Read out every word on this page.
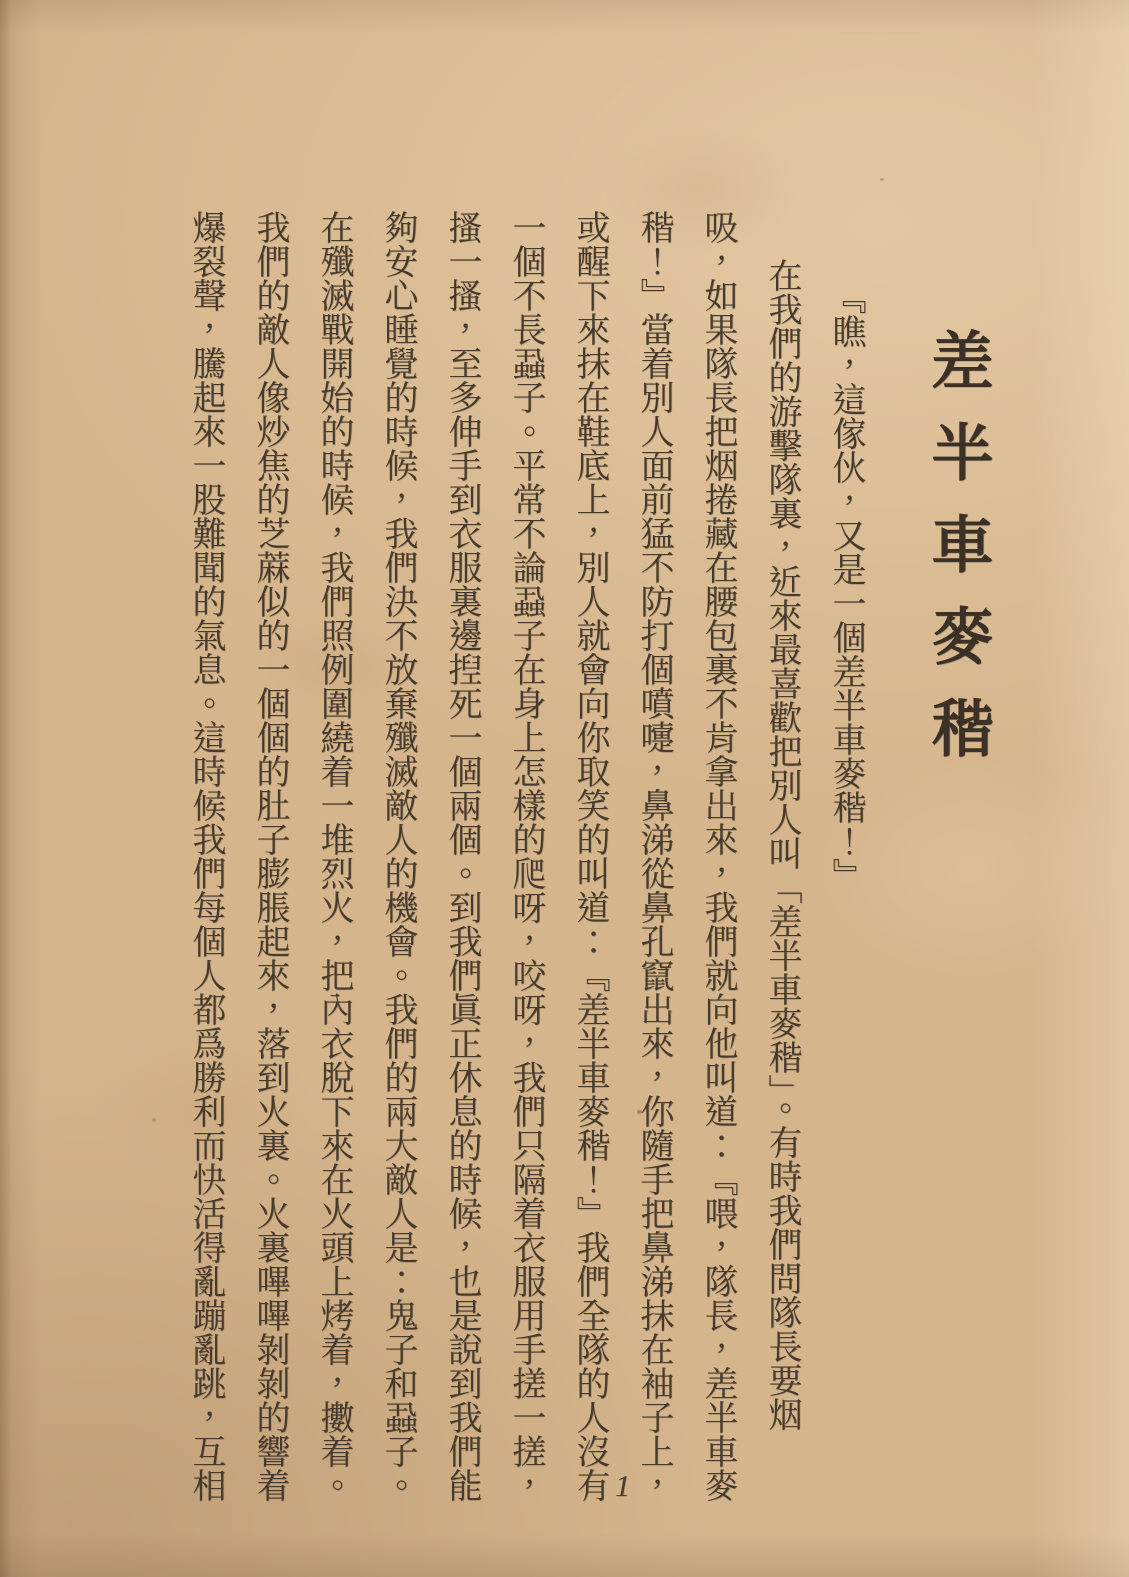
差半車麥稭
『瞧，這傢伙，又是一個差半車麥稭！』
在我們的游擊隊裏，近來最喜歡把別人叫「差半車麥稭」。有時我們問隊長要烟
吸，如果隊長把烟捲藏在腰包裏不肯拿出來，我們就向他叫道：『喂，隊長，差半車麥
稭！』當着別人面前猛不防打個噴嚏，鼻涕從鼻孔竄出來，你隨手把鼻涕抹在袖子上，
或醒下來抹在鞋底上，別人就會向你取笑的叫道：『差半車麥稭！』我們全隊的人沒有
一個不長蝨子。平常不論蝨子在身上怎樣的爬呀，咬呀，我們只隔着衣服用手搓一搓，
搔一搔，至多伸手到衣服裏邊揑死一個兩個。到我們眞正休息的時候，也是說到我們能
夠安心睡覺的時候，我們決不放棄殲滅敵人的機會。我們的兩大敵人是：鬼子和蝨子。
在殲滅戰開始的時候，我們照例圍繞着一堆烈火，把內衣脫下來在火頭上烤着，擻着。
我們的敵人像炒焦的芝蔴似的一個個的肚子膨脹起來，落到火裏。火裏嗶嗶剝剝的響着
爆裂聲，騰起來一股難聞的氣息。這時候我們每個人都爲勝利而快活得亂蹦亂跳，互相	1
